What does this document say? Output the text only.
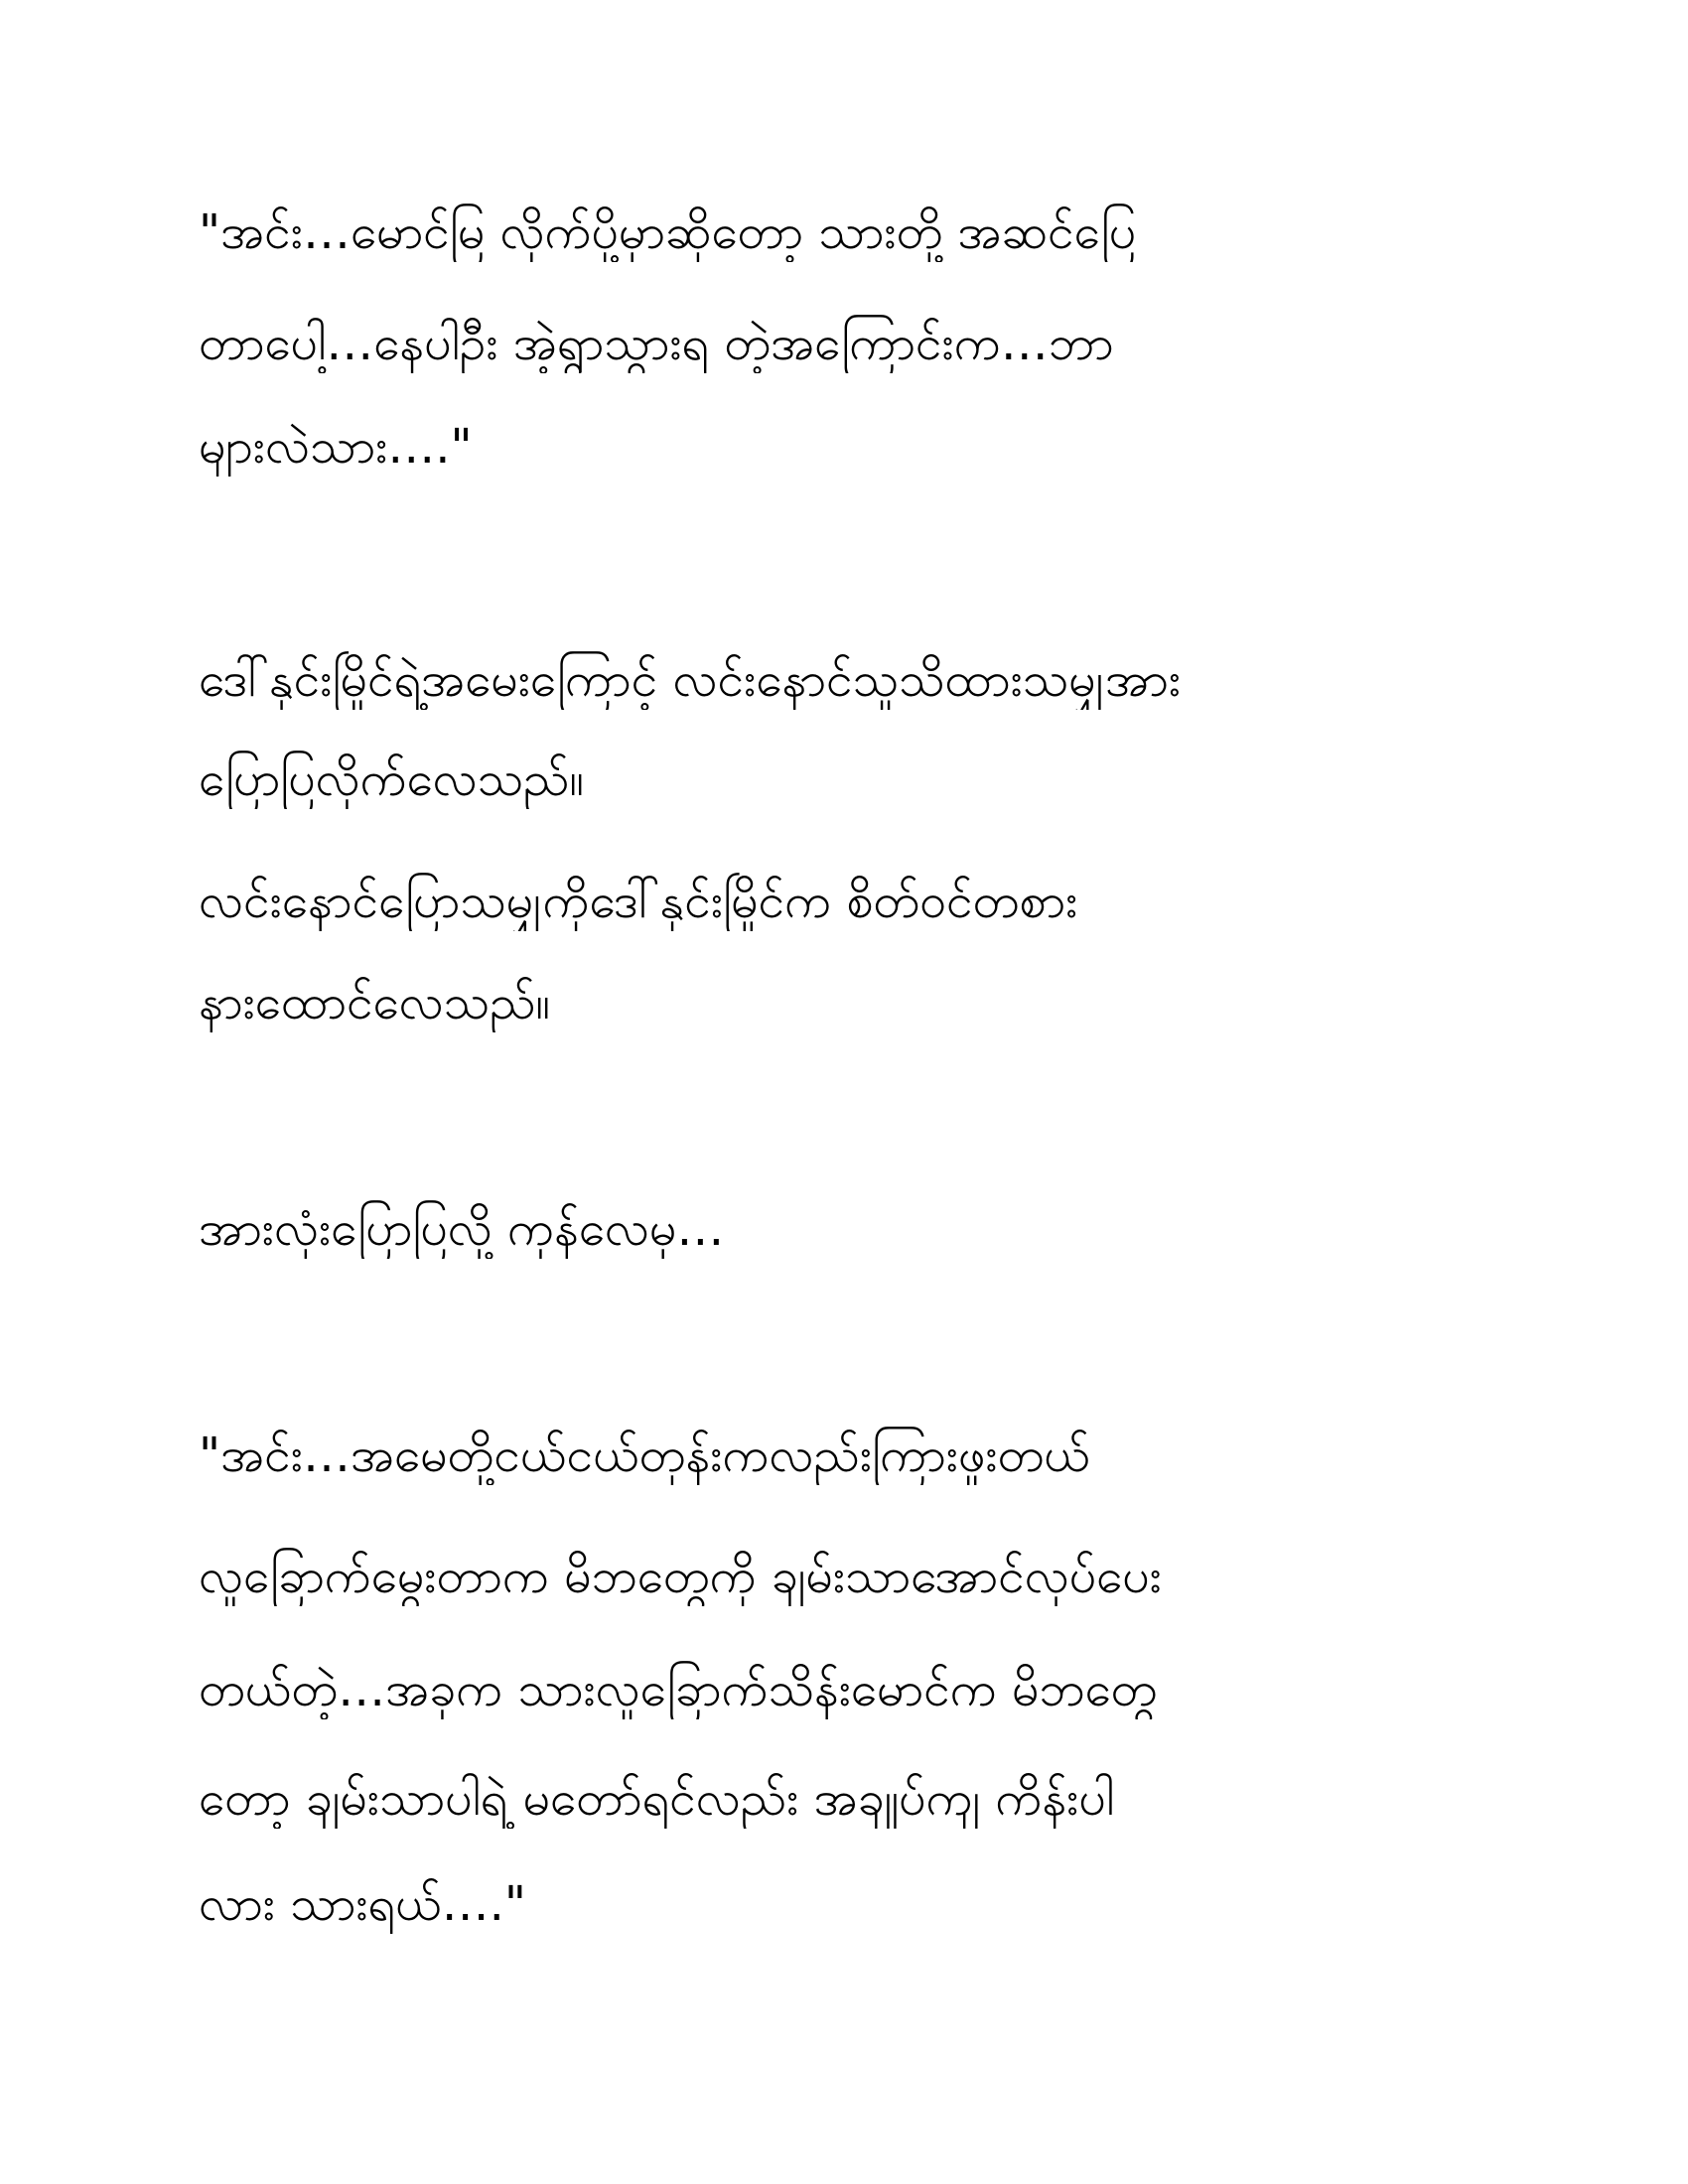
"အင်း…မောင်မြ လိုက်ပို့မှာဆိုတော့ သားတို့ အဆင်ပြေ
တာပေါ့…နေပါဦး အဲ့ရွာသွားရ တဲ့အကြောင်းက…ဘာ
များလဲသား…."
ဒေါ်နှင်းမြိုင်ရဲ့အမေးကြောင့် လင်းနောင်သူသိထားသမျှအား
ပြောပြလိုက်လေသည်။
လင်းနောင်ပြောသမျှကိုဒေါ်နှင်းမြိုင်က စိတ်ဝင်တစား
နားထောင်လေသည်။
အားလုံးပြောပြလို့ ကုန်လေမှ…
"အင်း…အမေတို့ငယ်ငယ်တုန်းကလည်းကြားဖူးတယ်
လူခြောက်မွေးတာက မိဘတွေကို ချမ်းသာအောင်လုပ်ပေး
တယ်တဲ့…အခုက သားလူခြောက်သိန်းမောင်က မိဘတွေ
တော့ ချမ်းသာပါရဲ့ မတော်ရင်လည်း အချုပ်ကျ ကိန်းပါ
လား သားရယ်…."
